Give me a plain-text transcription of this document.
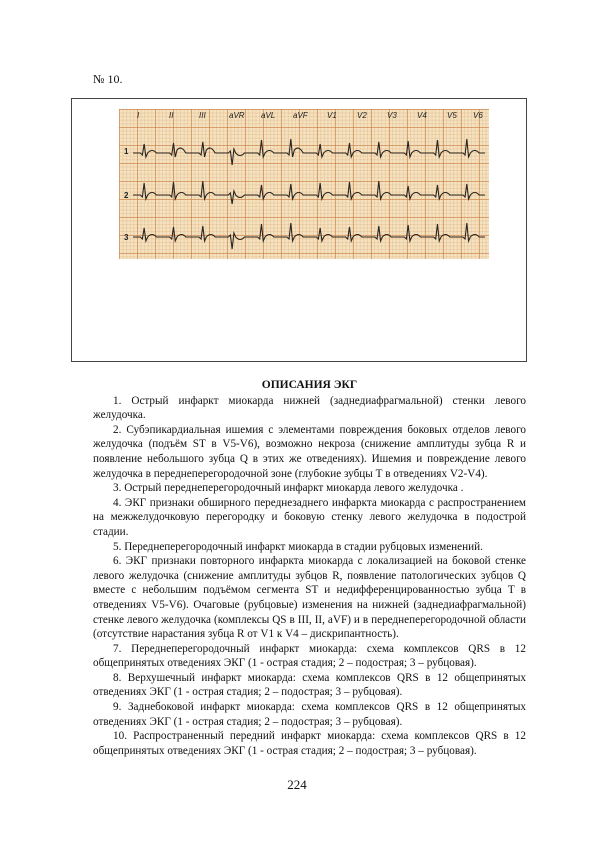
№ 10.
I	II	III	aVR aVL aVF V1	V2	V3	V4	V5 V6
1
2
3
ОПИСАНИЯ ЭКГ

1. Острый инфаркт миокарда нижней (заднедиафрагмальной) стенки левого желудочка.

2. Субэпикардиальная ишемия с элементами повреждения боковых отделов левого желудочка (подъём ST в V5-V6), возможно некроза (снижение амплитуды зубца R и появление небольшого зубца Q в этих же отведениях). Ишемия и повреждение левого желудочка в переднеперегородочной зоне (глубокие зубцы Т в отведениях V2-V4).

3. Острый переднеперегородочный инфаркт миокарда левого желудочка .

4. ЭКГ признаки обширного переднезаднего инфаркта миокарда с распространением на межжелудочковую перегородку и боковую стенку левого желудочка в подострой стадии.

5. Переднеперегородочный инфаркт миокарда в стадии рубцовых изменений.

6. ЭКГ признаки повторного инфаркта миокарда с локализацией на боковой стенке левого желудочка (снижение амплитуды зубцов R, появление патологических зубцов Q вместе с небольшим подъёмом сегмента ST и недифференцированностью зубца T в отведениях V5-V6). Очаговые (рубцовые) изменения на нижней (заднедиафрагмальной) стенке левого желудочка (комплексы QS в III, II, aVF) и в переднеперегородочной области (отсутствие нарастания зубца R от V1 к V4 – дискрипантность).

7. Переднеперегородочный инфаркт миокарда: схема комплексов QRS в 12 общепринятых отведениях ЭКГ (1 - острая стадия; 2 – подострая; 3 – рубцовая).

8. Верхушечный инфаркт миокарда: схема комплексов QRS в 12 общепринятых отведениях ЭКГ (1 - острая стадия; 2 – подострая; 3 – рубцовая).

9. Заднебоковой инфаркт миокарда: схема комплексов QRS в 12 общепринятых отведениях ЭКГ (1 - острая стадия; 2 – подострая; 3 – рубцовая).

10. Распространенный передний инфаркт миокарда: схема комплексов QRS в 12 общепринятых отведениях ЭКГ (1 - острая стадия; 2 – подострая; 3 – рубцовая).

224
